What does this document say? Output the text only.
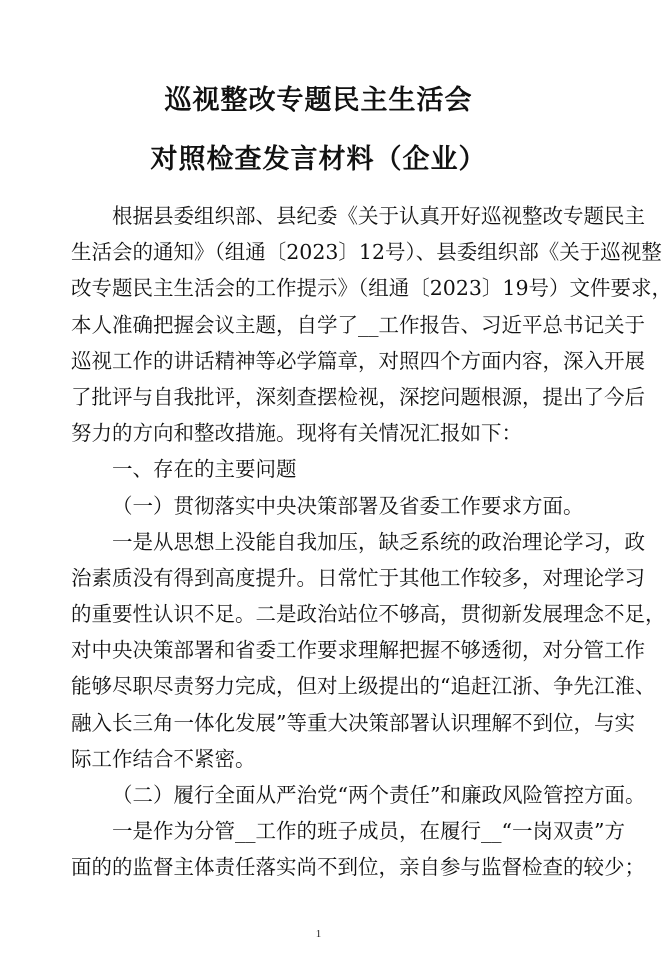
巡视整改专题民主生活会
对照检查发言材料（企业）
根据县委组织部、县纪委《关于认真开好巡视整改专题民主
生活会的通知》（组通〔2023〕12号）、县委组织部《关于巡视整
改专题民主生活会的工作提示》（组通〔2023〕19号）文件要求，
本人准确把握会议主题，自学了__工作报告、习近平总书记关于
巡视工作的讲话精神等必学篇章，对照四个方面内容，深入开展
了批评与自我批评，深刻查摆检视，深挖问题根源，提出了今后
努力的方向和整改措施。现将有关情况汇报如下：
一、存在的主要问题
（一）贯彻落实中央决策部署及省委工作要求方面。
一是从思想上没能自我加压，缺乏系统的政治理论学习，政
治素质没有得到高度提升。日常忙于其他工作较多，对理论学习
的重要性认识不足。二是政治站位不够高，贯彻新发展理念不足，
对中央决策部署和省委工作要求理解把握不够透彻，对分管工作
能够尽职尽责努力完成，但对上级提出的“追赶江浙、争先江淮、
融入长三角一体化发展”等重大决策部署认识理解不到位，与实
际工作结合不紧密。
（二）履行全面从严治党“两个责任”和廉政风险管控方面。
一是作为分管__工作的班子成员，在履行__“一岗双责”方
面的的监督主体责任落实尚不到位，亲自参与监督检查的较少；
1
